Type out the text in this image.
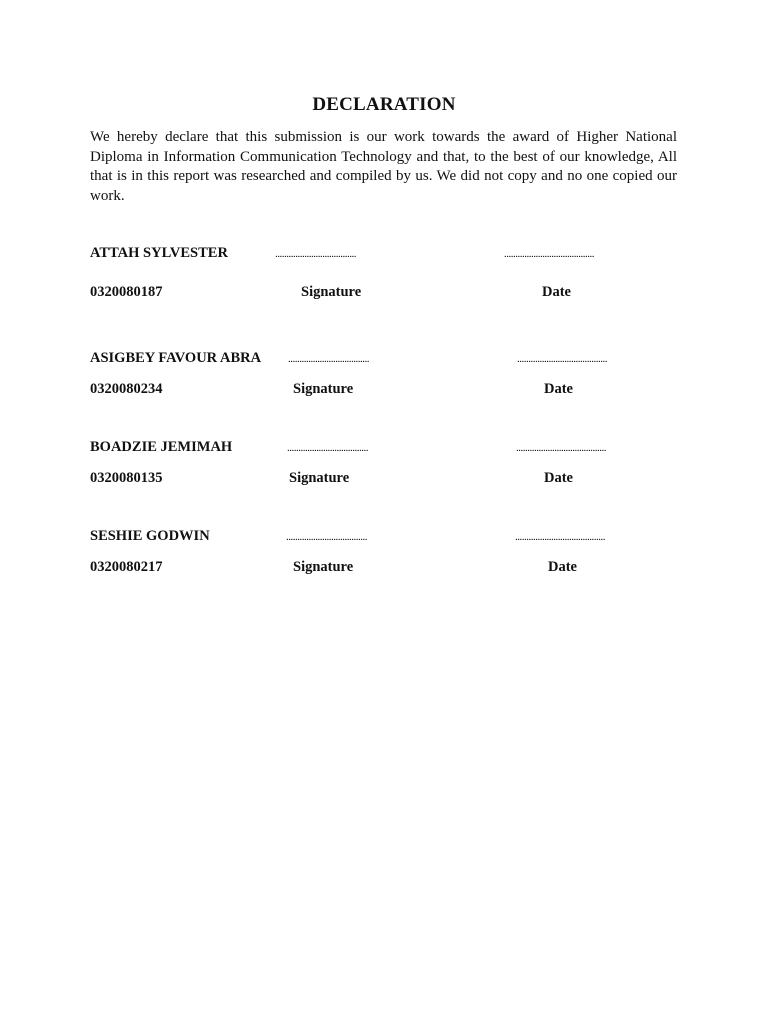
DECLARATION
We hereby declare that this submission is our work towards the award of Higher National Diploma in Information Communication Technology and that, to the best of our knowledge, All that is in this report was researched and compiled by us. We did not copy and no one copied our work.
ATTAH SYLVESTER	....................................	........................................
0320080187	Signature	Date
ASIGBEY FAVOUR ABRA ....................................	........................................
0320080234	Signature	Date
BOADZIE JEMIMAH	....................................	........................................
0320080135	Signature	Date
SESHIE GODWIN	....................................	........................................
0320080217	Signature	Date
